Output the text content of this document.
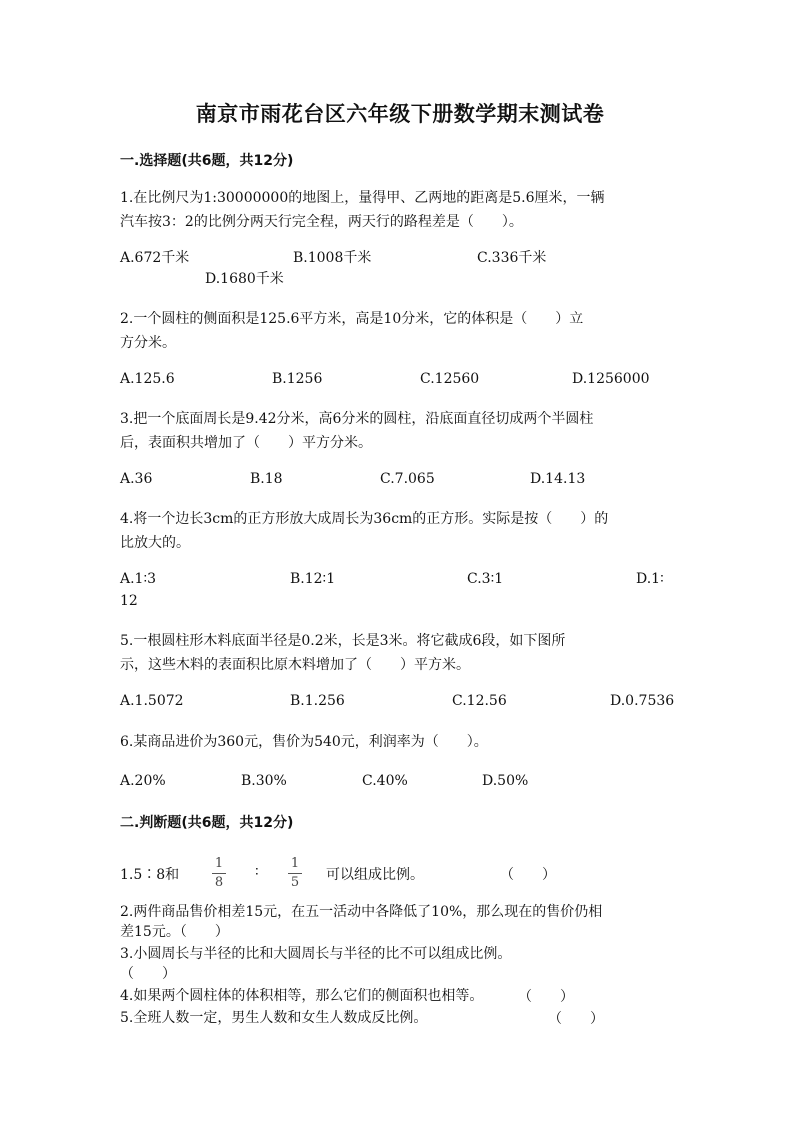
南京市雨花台区六年级下册数学期末测试卷
一.选择题(共6题，共12分)
1.在比例尺为1:30000000的地图上，量得甲、乙两地的距离是5.6厘米，一辆
汽车按3：2的比例分两天行完全程，两天行的路程差是（　　）。
A.672千米	B.1008千米	C.336千米
D.1680千米
2.一个圆柱的侧面积是125.6平方米，高是10分米，它的体积是（　　）立
方分米。
A.125.6	B.1256	C.12560	D.1256000
3.把一个底面周长是9.42分米，高6分米的圆柱，沿底面直径切成两个半圆柱
后，表面积共增加了（　　）平方分米。
A.36	B.18	C.7.065	D.14.13
4.将一个边长3cm的正方形放大成周长为36cm的正方形。实际是按（　　）的
比放大的。
A.1∶3	B.12∶1	C.3∶1	D.1∶
12
5.一根圆柱形木料底面半径是0.2米，长是3米。将它截成6段，如下图所
示，这些木料的表面积比原木料增加了（　　）平方米。
A.1.5072	B.1.256	C.12.56	D.0.7536
6.某商品进价为360元，售价为540元，利润率为（　　）。
A.20%	B.30%	C.40%	D.50%
二.判断题(共6题，共12分)
1.5∶8和
1
8
∶
1
5 可以组成比例。	（　　）
2.两件商品售价相差15元，在五一活动中各降低了10%，那么现在的售价仍相
差15元。（　　）
3.小圆周长与半径的比和大圆周长与半径的比不可以组成比例。
（　　）
4.如果两个圆柱体的体积相等，那么它们的侧面积也相等。 （　　）
5.全班人数一定，男生人数和女生人数成反比例。	（　　）
